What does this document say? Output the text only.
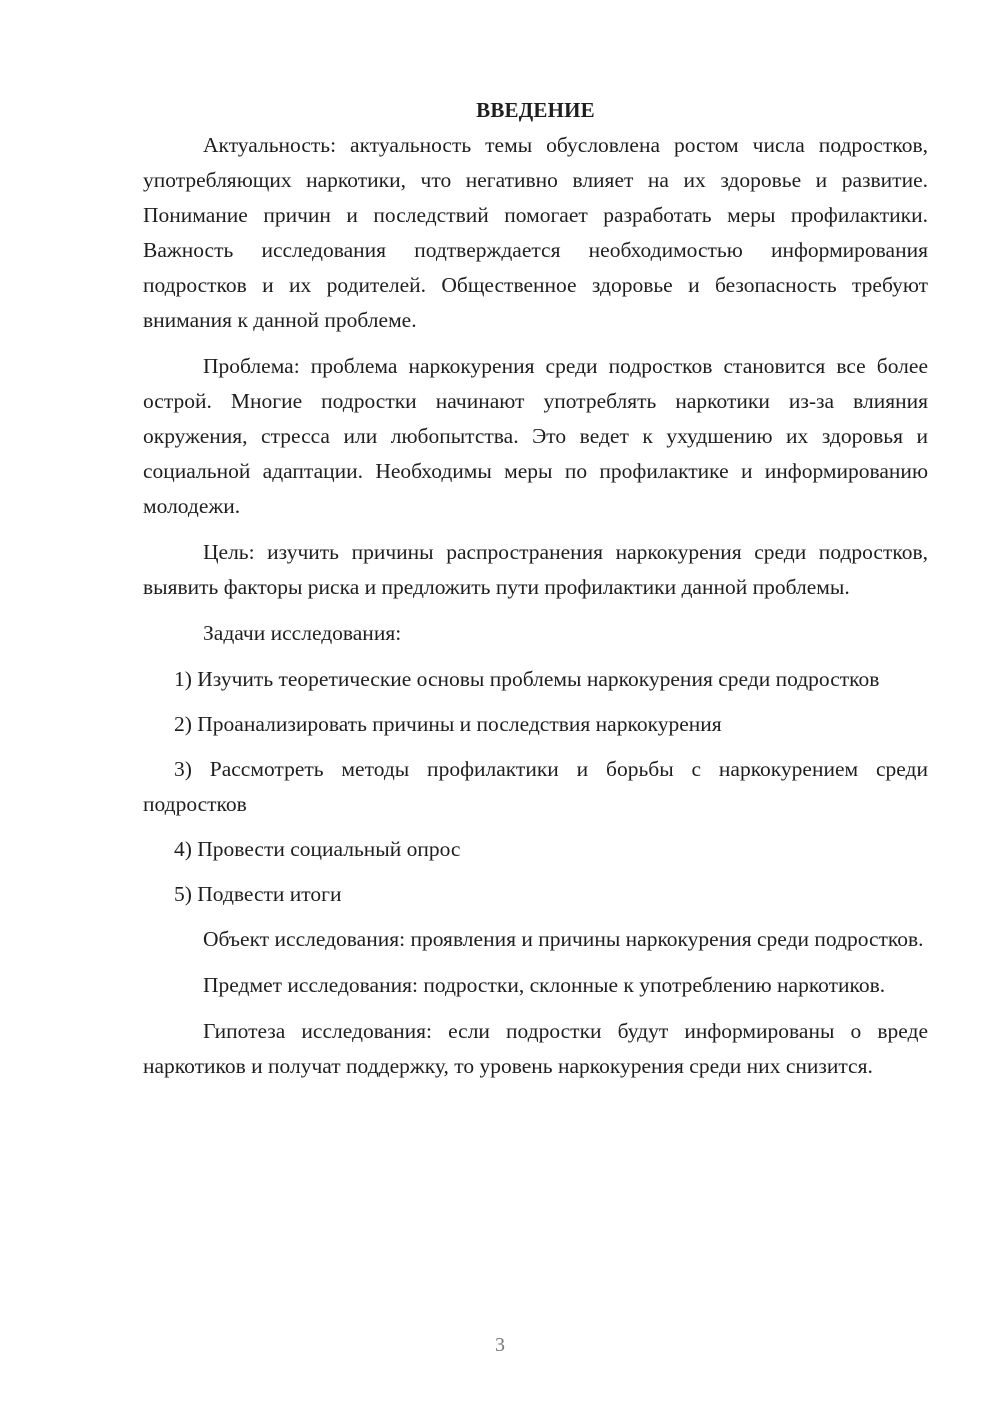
ВВЕДЕНИЕ

Актуальность: актуальность темы обусловлена ростом числа подростков, употребляющих наркотики, что негативно влияет на их здоровье и развитие. Понимание причин и последствий помогает разработать меры профилактики. Важность исследования подтверждается необходимостью информирования подростков и их родителей. Общественное здоровье и безопасность требуют внимания к данной проблеме.

Проблема: проблема наркокурения среди подростков становится все более острой. Многие подростки начинают употреблять наркотики из-за влияния окружения, стресса или любопытства. Это ведет к ухудшению их здоровья и социальной адаптации. Необходимы меры по профилактике и информированию молодежи.

Цель: изучить причины распространения наркокурения среди подростков, выявить факторы риска и предложить пути профилактики данной проблемы.

Задачи исследования:

1) Изучить теоретические основы проблемы наркокурения среди подростков

2) Проанализировать причины и последствия наркокурения

3) Рассмотреть методы профилактики и борьбы с наркокурением среди подростков

4) Провести социальный опрос

5) Подвести итоги

Объект исследования: проявления и причины наркокурения среди подростков.

Предмет исследования: подростки, склонные к употреблению наркотиков.

Гипотеза исследования: если подростки будут информированы о вреде наркотиков и получат поддержку, то уровень наркокурения среди них снизится.

3
